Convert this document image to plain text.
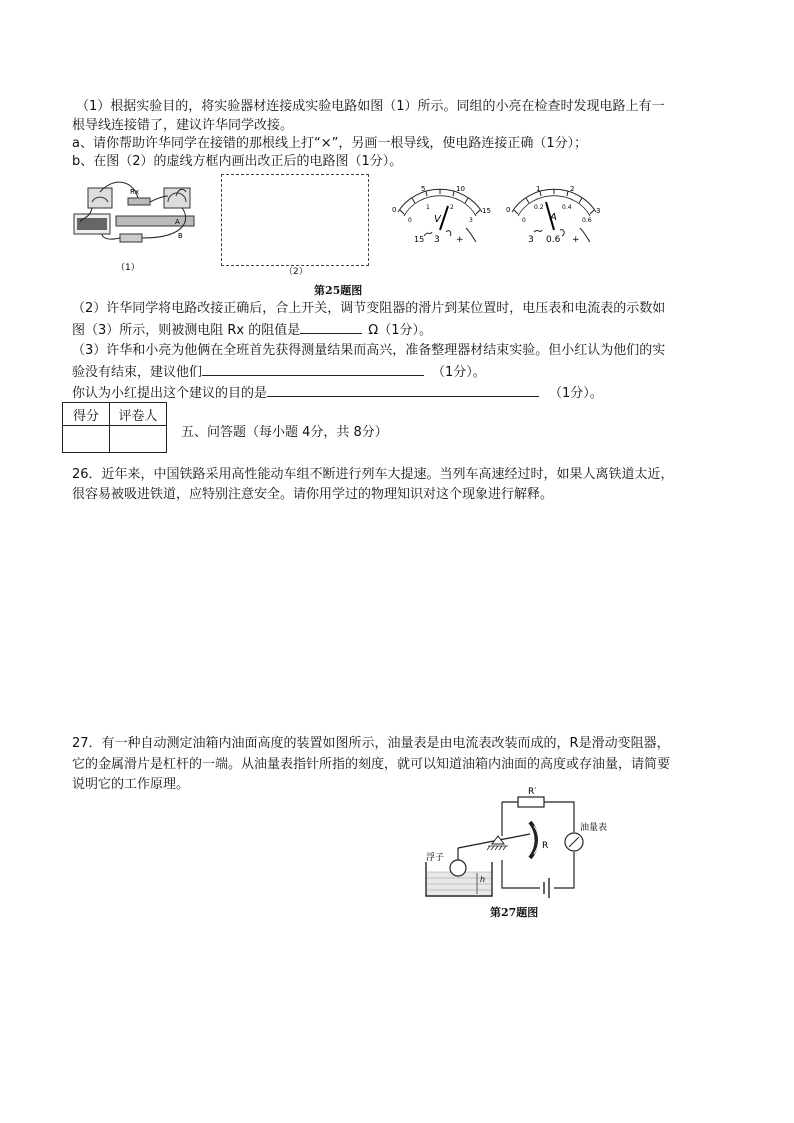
（1）根据实验目的，将实验器材连接成实验电路如图（1）所示。同组的小亮在检查时发现电路上有一
根导线连接错了，建议许华同学改接。
a、请你帮助许华同学在接错的那根线上打“×”，另画一根导线，使电路连接正确（1分）；
b、在图（2）的虚线方框内画出改正后的电路图（1分）。
Rx
A
B
（1）	（2）
0
5	10
15
0
1	2
3
V
15 3 +
0
1	2
3
0
0.2	0.4
0.6
A
3 0.6 +
第25题图
（2）许华同学将电路改接正确后，合上开关，调节变阻器的滑片到某位置时，电压表和电流表的示数如
图（3）所示，则被测电阻 Rx 的阻值是	Ω（1分）。
（3）许华和小亮为他俩在全班首先获得测量结果而高兴，准备整理器材结束实验。但小红认为他们的实
验没有结束，建议他们	（1分）。
你认为小红提出这个建议的目的是	（1分）。
得分	评卷人

五、问答题（每小题 4分，共 8分）
26．近年来，中国铁路采用高性能动车组不断进行列车大提速。当列车高速经过时，如果人离铁道太近，
很容易被吸进铁道，应特别注意安全。请你用学过的物理知识对这个现象进行解释。
27．有一种自动测定油箱内油面高度的装置如图所示，油量表是由电流表改装而成的，R是滑动变阻器，
它的金属滑片是杠杆的一端。从油量表指针所指的刻度，就可以知道油箱内油面的高度或存油量，请简要
说明它的工作原理。	R′
R
油量表
浮子
h
第27题图
